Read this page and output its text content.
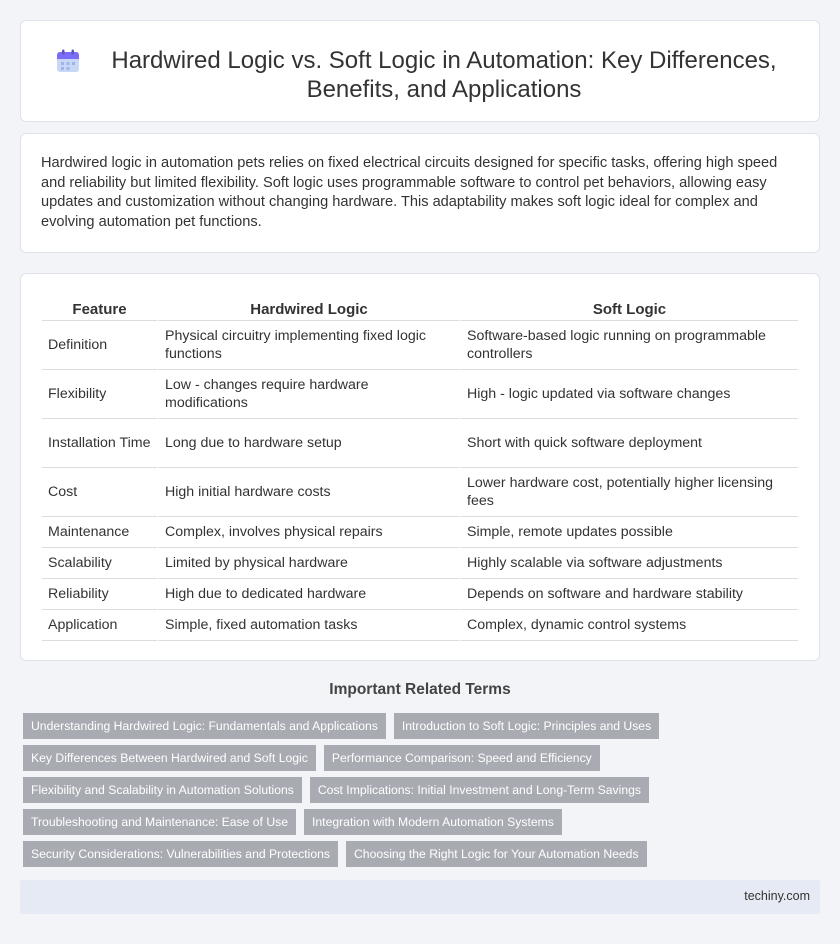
Hardwired Logic vs. Soft Logic in Automation: Key Differences, Benefits, and Applications

Hardwired logic in automation pets relies on fixed electrical circuits designed for specific tasks, offering high speed and reliability but limited flexibility. Soft logic uses programmable software to control pet behaviors, allowing easy updates and customization without changing hardware. This adaptability makes soft logic ideal for complex and evolving automation pet functions.

Feature	Hardwired Logic	Soft Logic
Definition	Physical circuitry implementing fixed logic functions	Software-based logic running on programmable controllers
Flexibility	Low - changes require hardware modifications	High - logic updated via software changes
Installation Time	Long due to hardware setup	Short with quick software deployment
Cost	High initial hardware costs	Lower hardware cost, potentially higher licensing fees
Maintenance	Complex, involves physical repairs	Simple, remote updates possible
Scalability	Limited by physical hardware	Highly scalable via software adjustments
Reliability	High due to dedicated hardware	Depends on software and hardware stability
Application	Simple, fixed automation tasks	Complex, dynamic control systems
Important Related Terms
Understanding Hardwired Logic: Fundamentals and Applications	Introduction to Soft Logic: Principles and Uses
Key Differences Between Hardwired and Soft Logic	Performance Comparison: Speed and Efficiency
Flexibility and Scalability in Automation Solutions	Cost Implications: Initial Investment and Long-Term Savings
Troubleshooting and Maintenance: Ease of Use	Integration with Modern Automation Systems
Security Considerations: Vulnerabilities and Protections	Choosing the Right Logic for Your Automation Needs
techiny.com
